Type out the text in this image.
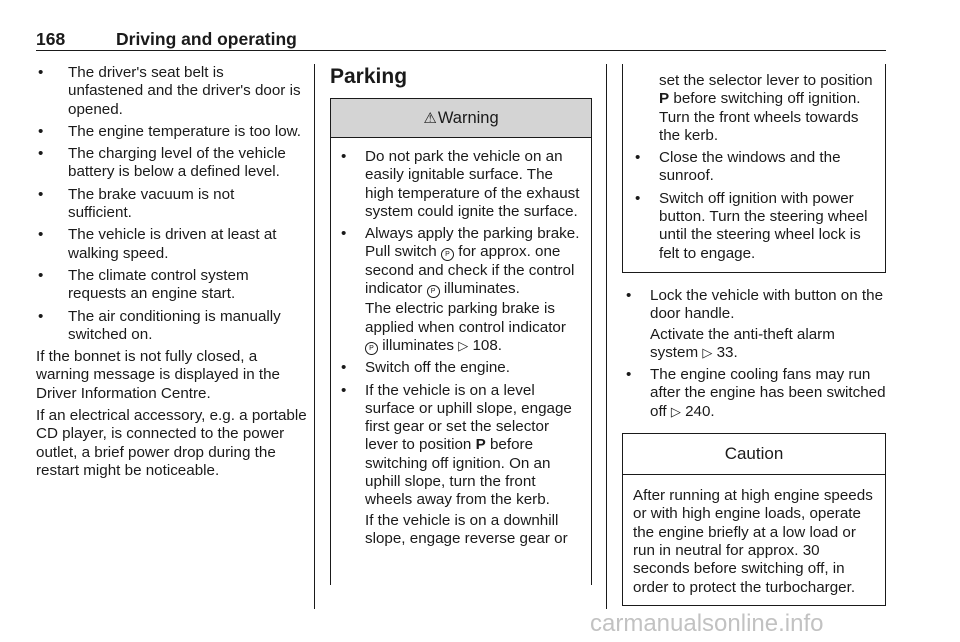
168	Driving and operating
• The driver's seat belt is unfastened and the driver's door is opened.
• The engine temperature is too low.
• The charging level of the vehicle battery is below a defined level.
• The brake vacuum is not sufficient.
• The vehicle is driven at least at walking speed.
• The climate control system requests an engine start.
• The air conditioning is manually switched on.

If the bonnet is not fully closed, a warning message is displayed in the Driver Information Centre.

If an electrical accessory, e.g. a portable CD player, is connected to the power outlet, a brief power drop during the restart might be noticeable.

Parking
⚠Warning
• Do not park the vehicle on an easily ignitable surface. The high temperature of the exhaust system could ignite the surface.
• Always apply the parking brake. Pull switch P for approx. one second and check if the control indicator P illuminates.

The electric parking brake is applied when control indicator P illuminates ▷ 108.

• Switch off the engine.
• If the vehicle is on a level surface or uphill slope, engage first gear or set the selector lever to position P before switching off ignition. On an uphill slope, turn the front wheels away from the kerb.

If the vehicle is on a downhill slope, engage reverse gear or

set the selector lever to position P before switching off ignition. Turn the front wheels towards the kerb.

• Close the windows and the sunroof.
• Switch off ignition with power button. Turn the steering wheel until the steering wheel lock is felt to engage.
• Lock the vehicle with button on the door handle.

Activate the anti-theft alarm system ▷ 33.

• The engine cooling fans may run after the engine has been switched off ▷ 240.
Caution
After running at high engine speeds or with high engine loads, operate the engine briefly at a low load or run in neutral for approx. 30 seconds before switching off, in order to protect the turbocharger.
carmanualsonline.info
